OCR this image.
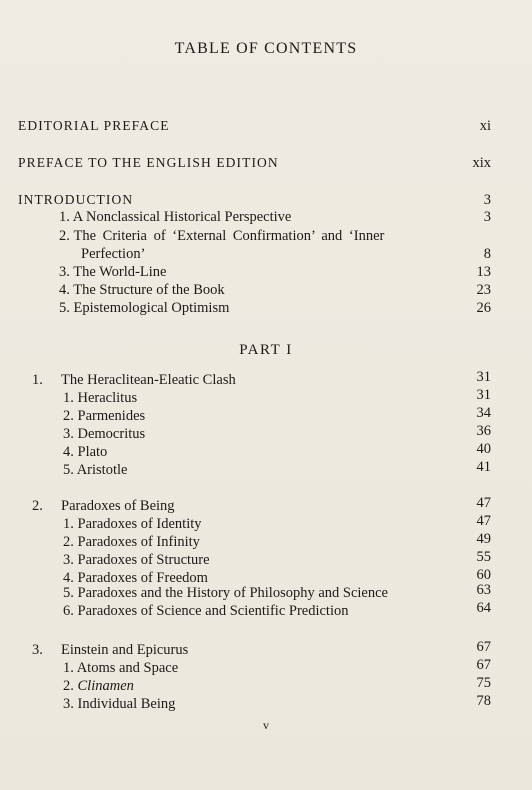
TABLE OF CONTENTS
EDITORIAL PREFACE	xi
PREFACE TO THE ENGLISH EDITION	xix
INTRODUCTION	3
1. A Nonclassical Historical Perspective	3
2. The Criteria of ‘External Confirmation’ and ‘Inner
Perfection’	8
3. The World-Line	13
4. The Structure of the Book	23
5. Epistemological Optimism	26
PART I
1. The Heraclitean-Eleatic Clash	31
1. Heraclitus	31
2. Parmenides	34
3. Democritus	36
4. Plato	40
5. Aristotle	41
2. Paradoxes of Being	47
1. Paradoxes of Identity	47
2. Paradoxes of Infinity	49
3. Paradoxes of Structure	55
4. Paradoxes of Freedom	60
5. Paradoxes and the History of Philosophy and Science	63
6. Paradoxes of Science and Scientific Prediction	64
3. Einstein and Epicurus	67
1. Atoms and Space	67
2. Clinamen	75
3. Individual Being	78
v
